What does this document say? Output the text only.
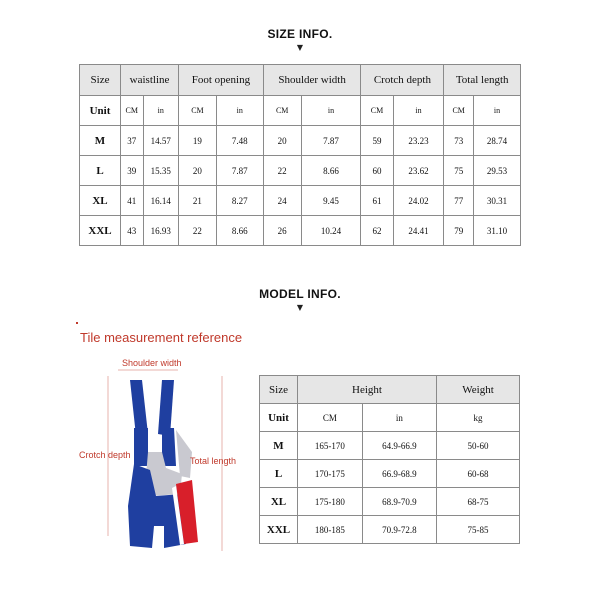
SIZE INFO.
▼
Size	waistline		Foot opening		Shoulder width		Crotch depth		Total length	
Unit	CM	in	CM	in	CM	in	CM	in	CM	in
M	37	14.57	19	7.48	20	7.87	59	23.23	73	28.74
L	39	15.35	20	7.87	22	8.66	60	23.62	75	29.53
XL	41	16.14	21	8.27	24	9.45	61	24.02	77	30.31
XXL	43	16.93	22	8.66	26	10.24	62	24.41	79	31.10
MODEL INFO.
▼
Tile measurement reference
Shoulder width
Crotch depth
Total length
Size	Height		Weight
Unit	CM	in	kg
M	165-170	64.9-66.9	50-60
L	170-175	66.9-68.9	60-68
XL	175-180	68.9-70.9	68-75
XXL	180-185	70.9-72.8	75-85
